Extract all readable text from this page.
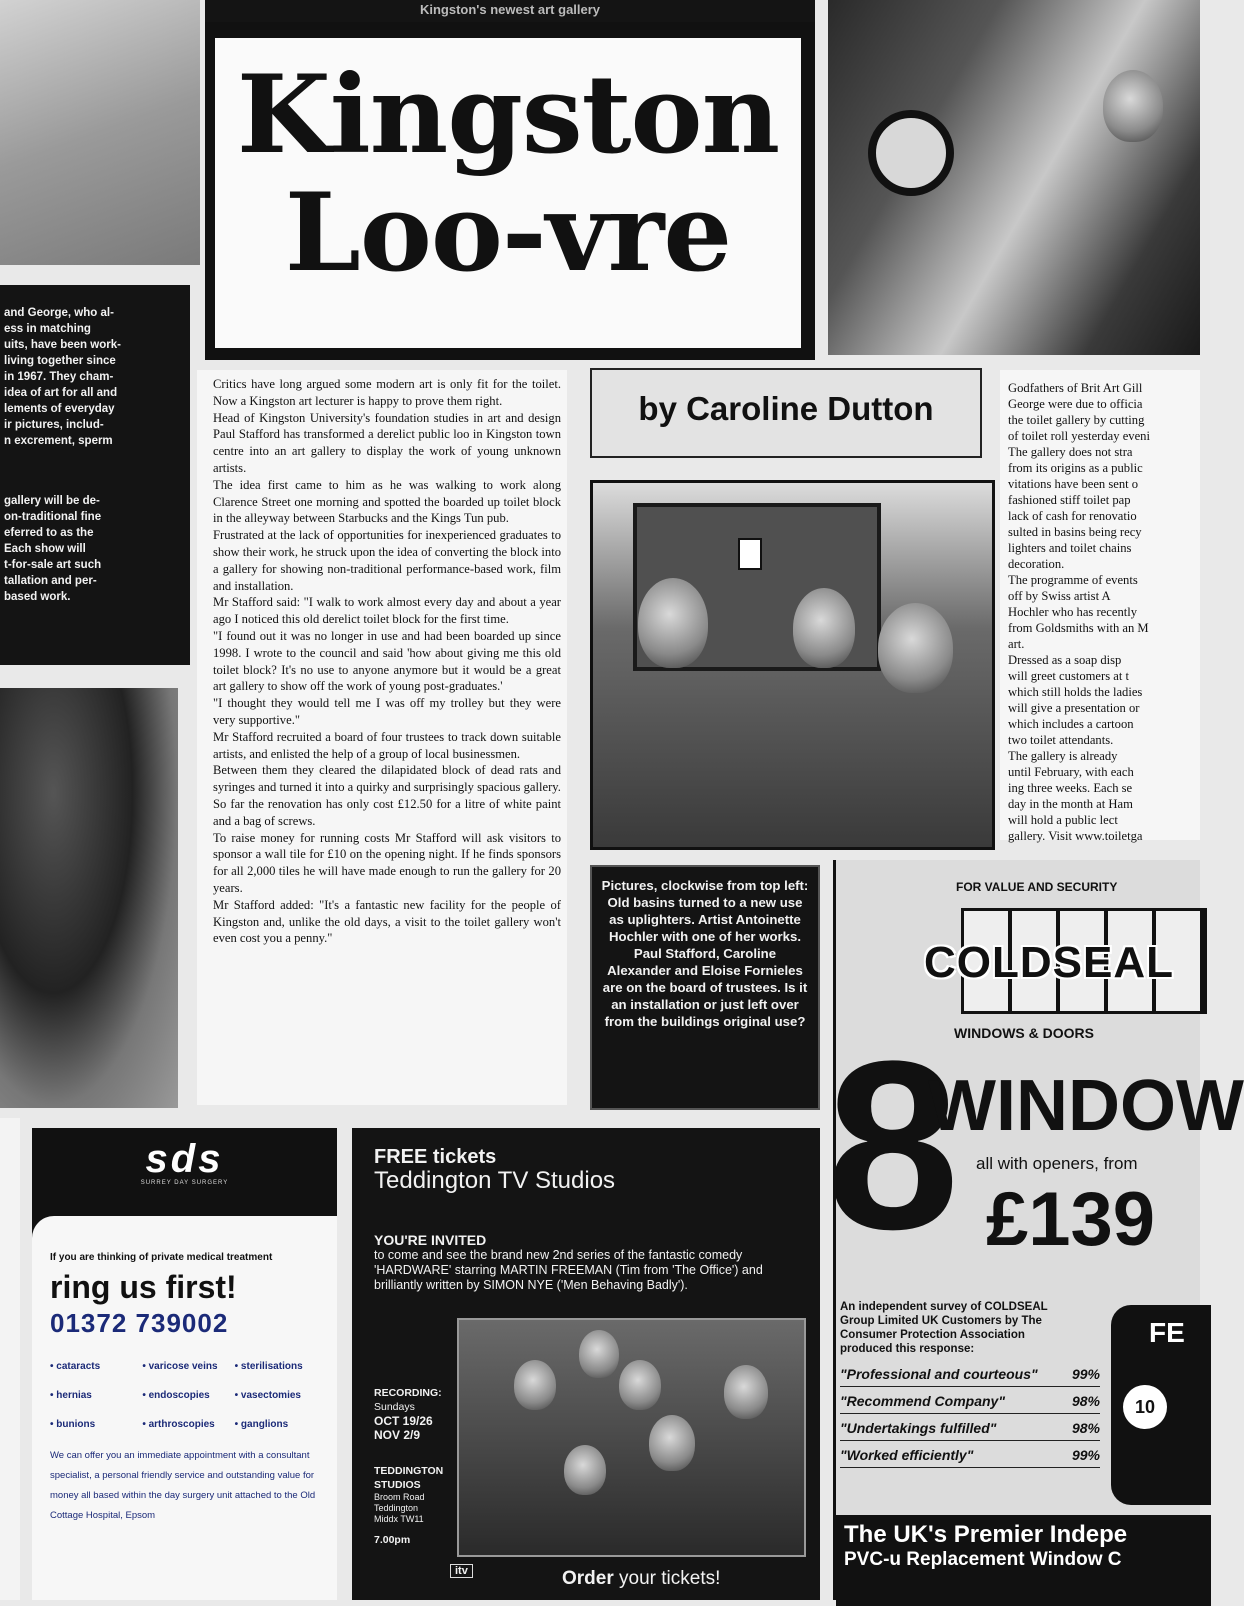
Kingston's newest art gallery
and George, who al-
ess in matching
uits, have been work-
living together since
in 1967. They cham-
idea of art for all and
lements of everyday
ir pictures, includ-
n excrement, sperm
gallery will be de-
on-traditional fine
eferred to as the
Each show will
t-for-sale art such
tallation and per-
based work.
Kingston
Loo-vre

Critics have long argued some modern art is only fit for the toilet. Now a Kingston art lecturer is happy to prove them right.

Head of Kingston University's foundation studies in art and design Paul Stafford has transformed a derelict public loo in Kingston town centre into an art gallery to display the work of young unknown artists.

The idea first came to him as he was walking to work along Clarence Street one morning and spotted the boarded up toilet block in the alleyway between Starbucks and the Kings Tun pub.

Frustrated at the lack of opportunities for inexperienced graduates to show their work, he struck upon the idea of converting the block into a gallery for showing non-traditional performance-based work, film and installation.

Mr Stafford said: "I walk to work almost every day and about a year ago I noticed this old derelict toilet block for the first time.

"I found out it was no longer in use and had been boarded up since 1998. I wrote to the council and said 'how about giving me this old toilet block? It's no use to anyone anymore but it would be a great art gallery to show off the work of young post-graduates.'

"I thought they would tell me I was off my trolley but they were very supportive."

Mr Stafford recruited a board of four trustees to track down suitable artists, and enlisted the help of a group of local businessmen.

Between them they cleared the dilapidated block of dead rats and syringes and turned it into a quirky and surprisingly spacious gallery.

So far the renovation has only cost £12.50 for a litre of white paint and a bag of screws.

To raise money for running costs Mr Stafford will ask visitors to sponsor a wall tile for £10 on the opening night. If he finds sponsors for all 2,000 tiles he will have made enough to run the gallery for 20 years.

Mr Stafford added: "It's a fantastic new facility for the people of Kingston and, unlike the old days, a visit to the toilet gallery won't even cost you a penny."

by Caroline Dutton
Pictures, clockwise from top left: Old basins turned to a new use as uplighters. Artist Antoinette Hochler with one of her works. Paul Stafford, Caroline Alexander and Eloise Fornieles are on the board of trustees. Is it an installation or just left over from the buildings original use?

Godfathers of Brit Art Gill

George were due to officia

the toilet gallery by cutting

of toilet roll yesterday eveni

The gallery does not stra

from its origins as a public

vitations have been sent o

fashioned stiff toilet pap

lack of cash for renovatio

sulted in basins being recy

lighters and toilet chains

decoration.

The programme of events

off by Swiss artist A

Hochler who has recently

from Goldsmiths with an M

art.

Dressed as a soap disp

will greet customers at t

which still holds the ladies

will give a presentation or

which includes a cartoon

two toilet attendants.

The gallery is already

until February, with each

ing three weeks. Each se

day in the month at Ham

will hold a public lect

gallery. Visit www.toiletga

sds
SURREY DAY SURGERY
If you are thinking of private medical treatment
ring us first!
01372 739002
• cataracts	• varicose veins	• sterilisations
• hernias	• endoscopies	• vasectomies
• bunions	• arthroscopies	• ganglions
We can offer you an immediate appointment with a consultant specialist, a personal friendly service and outstanding value for money all based within the day surgery unit attached to the Old Cottage Hospital, Epsom
FREE tickets
Teddington TV Studios
YOU'RE INVITED
to come and see the brand new 2nd series of the fantastic comedy 'HARDWARE' starring MARTIN FREEMAN (Tim from 'The Office') and brilliantly written by SIMON NYE ('Men Behaving Badly').
RECORDING:
Sundays
OCT 19/26
NOV 2/9
TEDDINGTON STUDIOS
Broom Road
Teddington
Middx TW11
7.00pm
itv	Order your tickets!
FOR VALUE AND SECURITY
COLDSEAL
WINDOWS & DOORS
8
WINDOW
all with openers, from
£139
An independent survey of COLDSEAL Group Limited UK Customers by The Consumer Protection Association produced this response:
"Professional and courteous" 99%
"Recommend Company"	98%
"Undertakings fulfilled"	98%
"Worked efficiently"	99%
FE
10
The UK's Premier Indepe
PVC-u Replacement Window C
